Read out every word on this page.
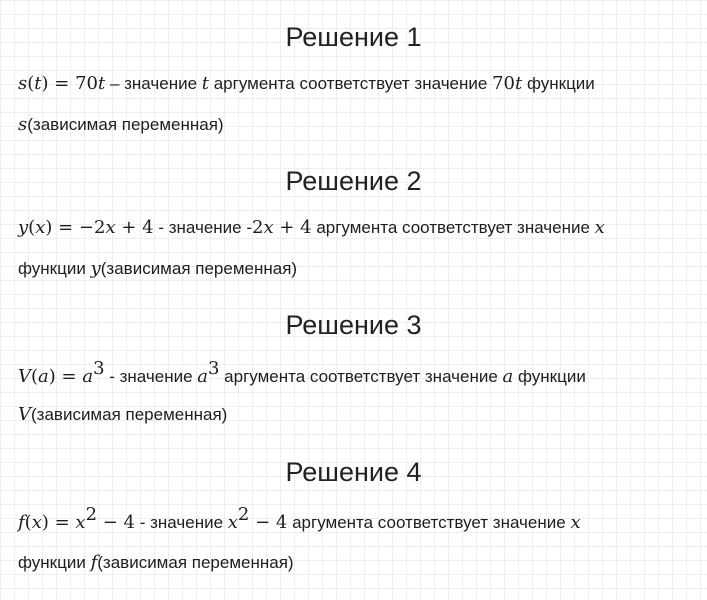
Решение 1
s(t) = 70t – значение t аргумента соответствует значение 70t функции
s(зависимая переменная)
Решение 2
y(x) = −2x + 4 - значение -2x + 4 аргумента соответствует значение x
функции y(зависимая переменная)
Решение 3
$V(a) = a^3$ - значение $a^3$ аргумента соответствует значение a функции
V(зависимая переменная)
Решение 4
$f(x) = x^2 - 4$ - значение $x^2 - 4$ аргумента соответствует значение x
функции f(зависимая переменная)
